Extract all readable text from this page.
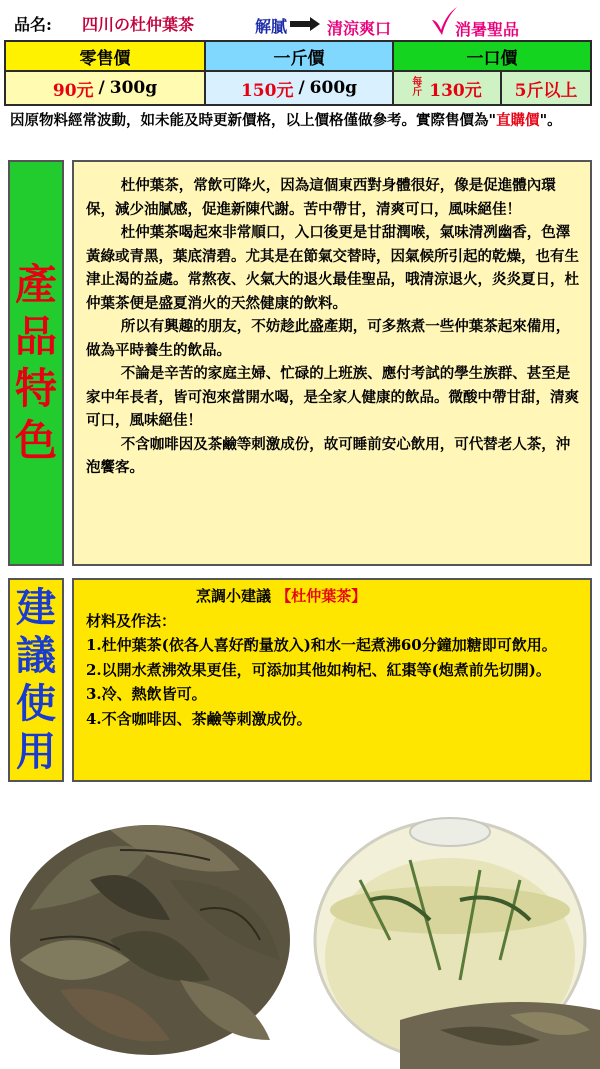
品名: 四川の杜仲葉茶	解膩 清涼爽口	消暑聖品
零售價	一斤價	一口價
90元 / 300g	150元 / 600g	每斤 130元 5斤以上
因原物料經常波動，如未能及時更新價格，以上價格僅做參考。實際售價為"直購價"。
產
品
特
色

杜仲葉茶，常飲可降火，因為這個東西對身體很好，像是促進體內環保，減少油膩感，促進新陳代謝。苦中帶甘，清爽可口，風味絕佳！

杜仲葉茶喝起來非常順口，入口後更是甘甜潤喉，氣味清冽幽香，色澤黃綠或青黑，葉底清碧。尤其是在節氣交替時，因氣候所引起的乾燥，也有生津止渴的益處。常熬夜、火氣大的退火最佳聖品，哦清涼退火，炎炎夏日，杜仲葉茶便是盛夏消火的天然健康的飲料。

所以有興趣的朋友，不妨趁此盛產期，可多熬煮一些仲葉茶起來備用，做為平時養生的飲品。

不論是辛苦的家庭主婦、忙碌的上班族、應付考試的學生族群、甚至是家中年長者，皆可泡來當開水喝，是全家人健康的飲品。微酸中帶甘甜，清爽可口，風味絕佳！

不含咖啡因及茶鹼等刺激成份，故可睡前安心飲用，可代替老人茶，沖泡饗客。

建
議
使
用
烹調小建議 【杜仲葉茶】
材料及作法：
1.杜仲葉茶(依各人喜好酌量放入)和水一起煮沸60分鐘加糖即可飲用。
2.以開水煮沸效果更佳，可添加其他如枸杞、紅棗等(炮煮前先切開)。
3.冷、熱飲皆可。
4.不含咖啡因、茶鹼等刺激成份。
